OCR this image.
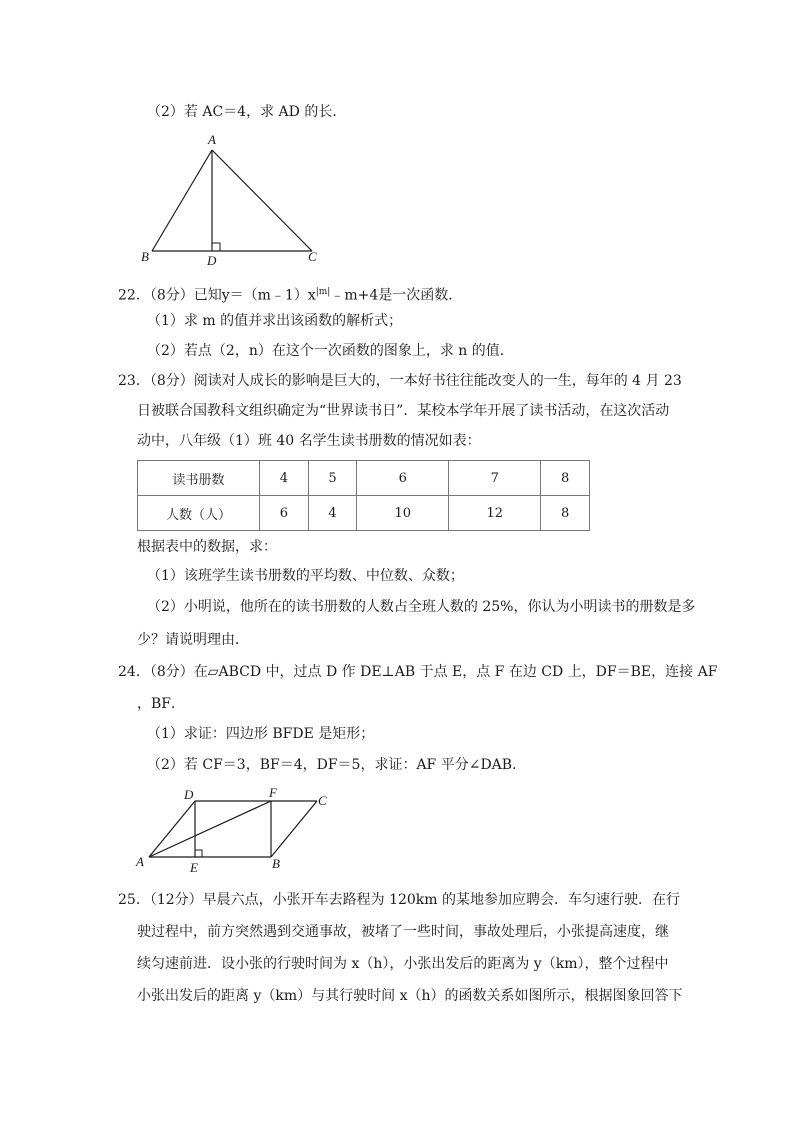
（2）若 AC＝4，求 AD 的长．
A
B	D	C
22．（8分）已知$y=(m﹣1)x^{|m|}﹣m+4$是一次函数．
（1）求 m 的值并求出该函数的解析式；
（2）若点（2，n）在这个一次函数的图象上，求 n 的值．
23．（8分）阅读对人成长的影响是巨大的，一本好书往往能改变人的一生，每年的 4 月 23
日被联合国教科文组织确定为“世界读书日”．某校本学年开展了读书活动，在这次活动
动中，八年级（1）班 40 名学生读书册数的情况如表：
读书册数	4	5	6	7	8
人数（人）	6	4	10	12	8
根据表中的数据，求：
（1）该班学生读书册数的平均数、中位数、众数；
（2）小明说，他所在的读书册数的人数占全班人数的 25%，你认为小明读书的册数是多
少？请说明理由．
24．（8分）在▱ABCD 中，过点 D 作 DE⊥AB 于点 E，点 F 在边 CD 上，DF＝BE，连接 AF
，BF．
（1）求证：四边形 BFDE 是矩形；
（2）若 CF＝3，BF＝4，DF＝5，求证：AF 平分∠DAB．
D	F
C
A	E	B
25．（12分）早晨六点，小张开车去路程为 120km 的某地参加应聘会．车匀速行驶．在行
驶过程中，前方突然遇到交通事故，被堵了一些时间，事故处理后，小张提高速度，继
续匀速前进．设小张的行驶时间为 x（h），小张出发后的距离为 y（km），整个过程中
小张出发后的距离 y（km）与其行驶时间 x（h）的函数关系如图所示，根据图象回答下
